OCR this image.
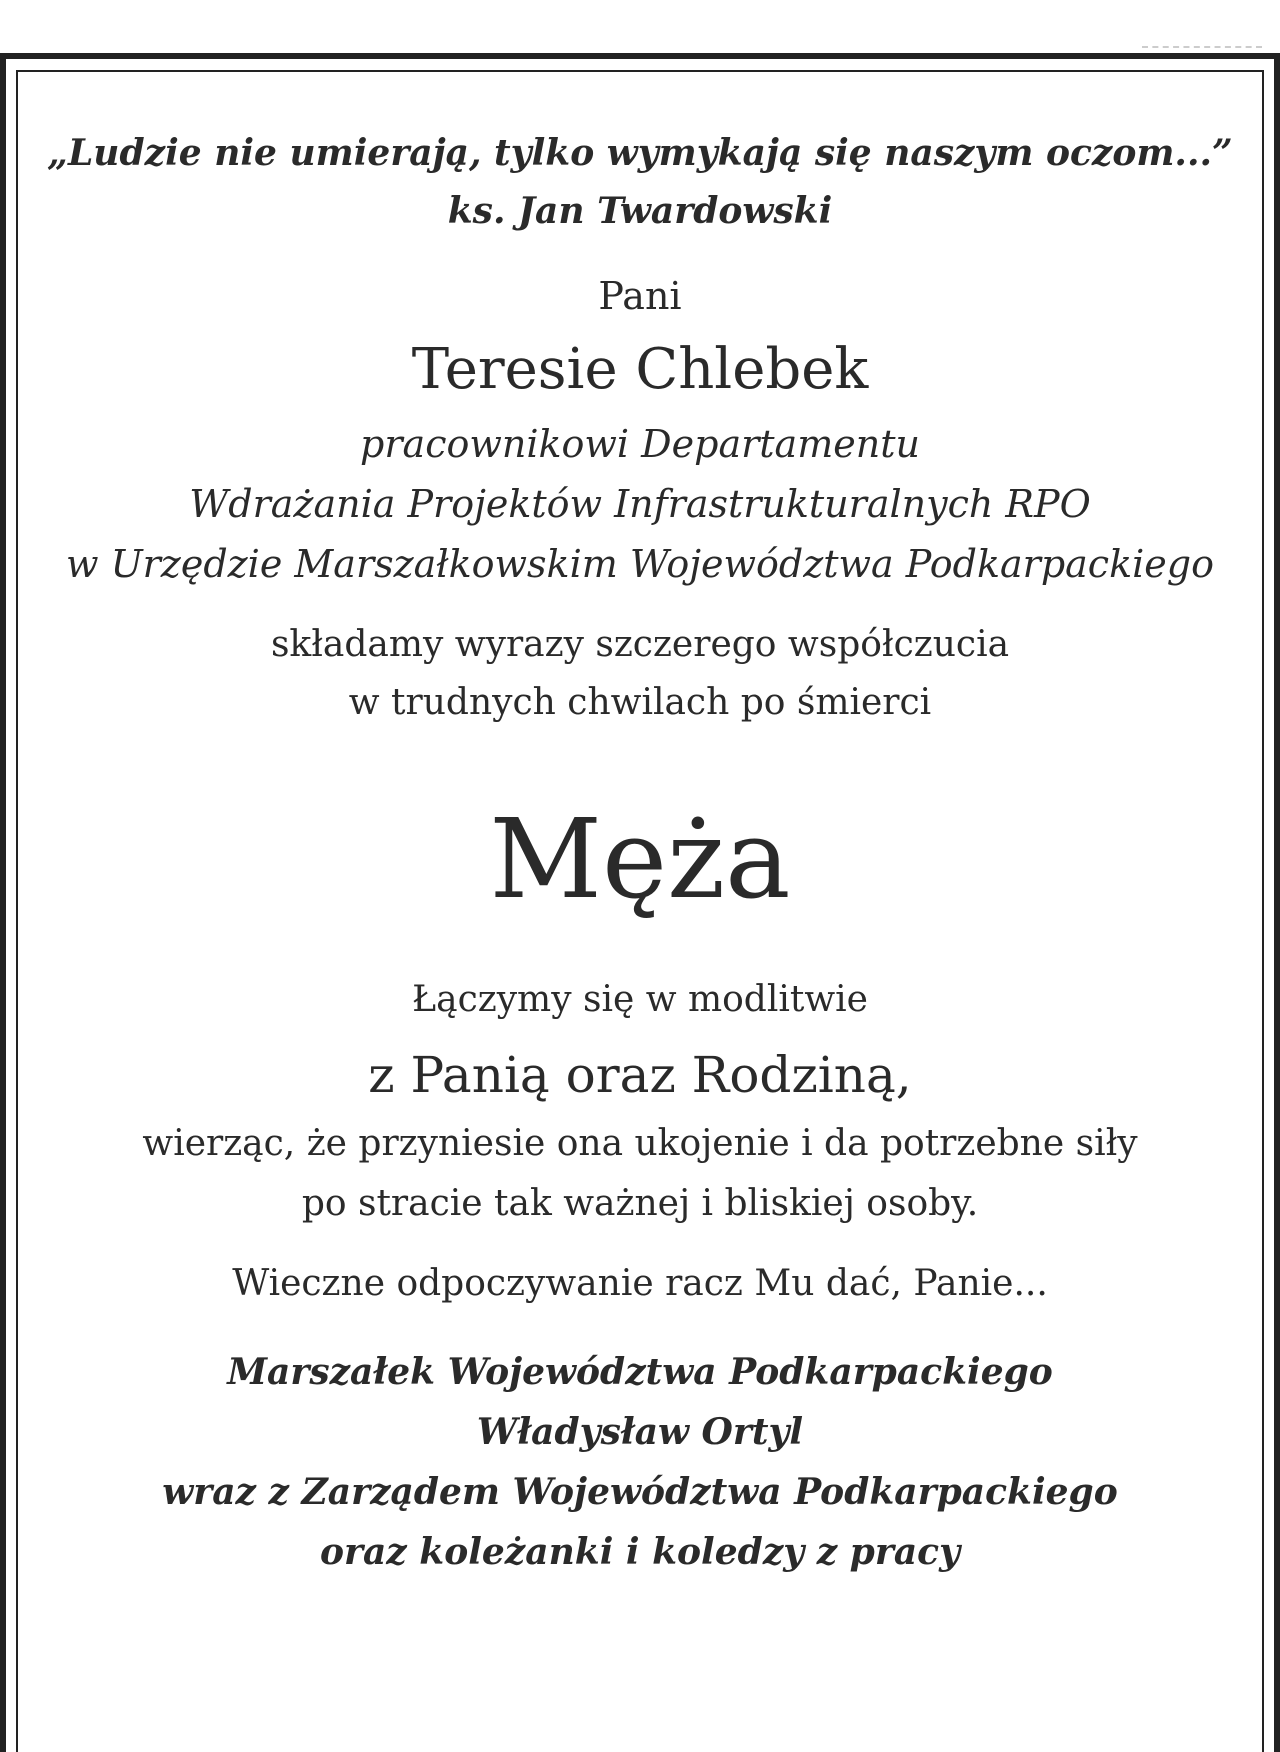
„Ludzie nie umierają, tylko wymykają się naszym oczom...”
ks. Jan Twardowski
Pani
Teresie Chlebek
pracownikowi Departamentu
Wdrażania Projektów Infrastrukturalnych RPO
w Urzędzie Marszałkowskim Województwa Podkarpackiego
składamy wyrazy szczerego współczucia
w trudnych chwilach po śmierci
Męża
Łączymy się w modlitwie
z Panią oraz Rodziną,
wierząc, że przyniesie ona ukojenie i da potrzebne siły
po stracie tak ważnej i bliskiej osoby.
Wieczne odpoczywanie racz Mu dać, Panie...
Marszałek Województwa Podkarpackiego
Władysław Ortyl
wraz z Zarządem Województwa Podkarpackiego
oraz koleżanki i koledzy z pracy
